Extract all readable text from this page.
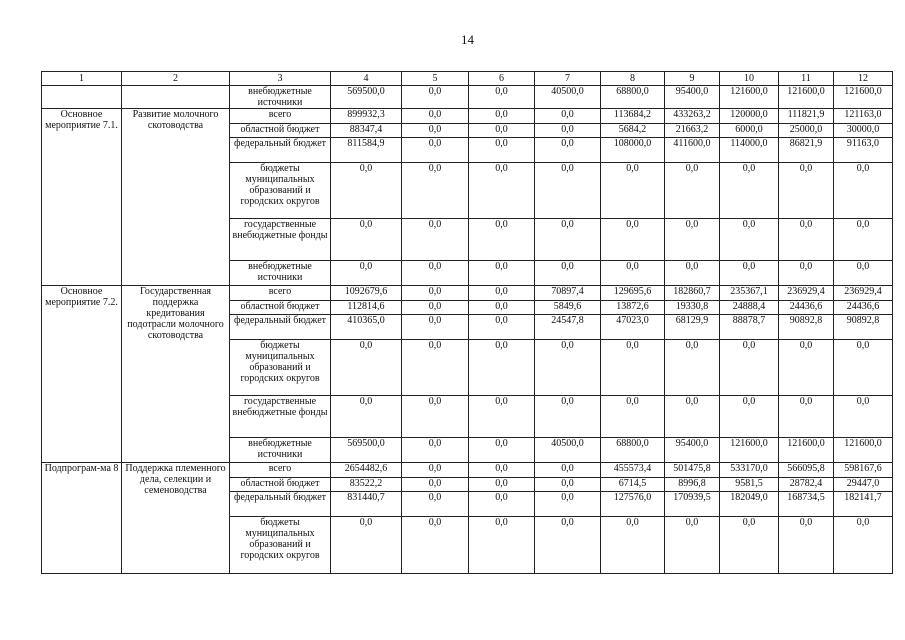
14
1	2	3	4	5	6	7	8	9	10	11	12
		внебюджетные источники	569500,0	0,0	0,0	40500,0	68800,0	95400,0	121600,0	121600,0	121600,0
Основное мероприятие 7.1.	Развитие молочного скотоводства	всего	899932,3	0,0	0,0	0,0	113684,2	433263,2	120000,0	111821,9	121163,0
		областной бюджет	88347,4	0,0	0,0	0,0	5684,2	21663,2	6000,0	25000,0	30000,0
		федеральный бюджет	811584,9	0,0	0,0	0,0	108000,0	411600,0	114000,0	86821,9	91163,0
		бюджеты муниципальных образований и городских округов	0,0	0,0	0,0	0,0	0,0	0,0	0,0	0,0	0,0
		государственные внебюджетные фонды	0,0	0,0	0,0	0,0	0,0	0,0	0,0	0,0	0,0
		внебюджетные источники	0,0	0,0	0,0	0,0	0,0	0,0	0,0	0,0	0,0
Основное мероприятие 7.2.	Государственная поддержка кредитования подотрасли молочного скотоводства	всего	1092679,6	0,0	0,0	70897,4	129695,6	182860,7	235367,1	236929,4	236929,4
		областной бюджет	112814,6	0,0	0,0	5849,6	13872,6	19330,8	24888,4	24436,6	24436,6
		федеральный бюджет	410365,0	0,0	0,0	24547,8	47023,0	68129,9	88878,7	90892,8	90892,8
		бюджеты муниципальных образований и городских округов	0,0	0,0	0,0	0,0	0,0	0,0	0,0	0,0	0,0
		государственные внебюджетные фонды	0,0	0,0	0,0	0,0	0,0	0,0	0,0	0,0	0,0
		внебюджетные источники	569500,0	0,0	0,0	40500,0	68800,0	95400,0	121600,0	121600,0	121600,0
Подпрограм-ма 8	Поддержка племенного дела, селекции и семеноводства	всего	2654482,6	0,0	0,0	0,0	455573,4	501475,8	533170,0	566095,8	598167,6
		областной бюджет	83522,2	0,0	0,0	0,0	6714,5	8996,8	9581,5	28782,4	29447,0
		федеральный бюджет	831440,7	0,0	0,0	0,0	127576,0	170939,5	182049,0	168734,5	182141,7
		бюджеты муниципальных образований и городских округов	0,0	0,0	0,0	0,0	0,0	0,0	0,0	0,0	0,0
